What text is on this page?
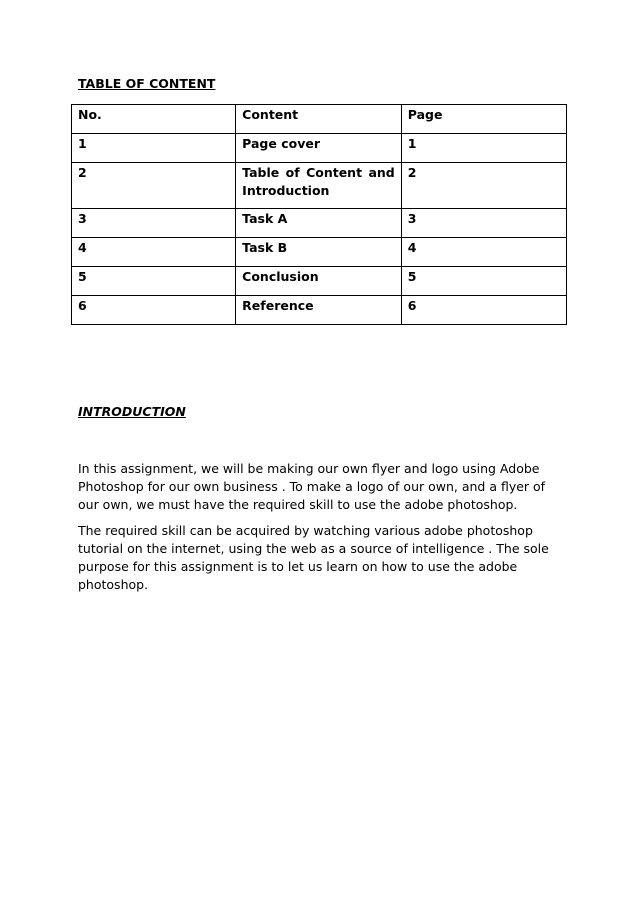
TABLE OF CONTENT
No.	Content	Page
1	Page cover	1
2	Table of Content and Introduction	2
3	Task A	3
4	Task B	4
5	Conclusion	5
6	Reference	6
INTRODUCTION

In this assignment, we will be making our own flyer and logo using Adobe Photoshop for our own business . To make a logo of our own, and a flyer of our own, we must have the required skill to use the adobe photoshop.

The required skill can be acquired by watching various adobe photoshop tutorial on the internet, using the web as a source of intelligence . The sole purpose for this assignment is to let us learn on how to use the adobe photoshop.
